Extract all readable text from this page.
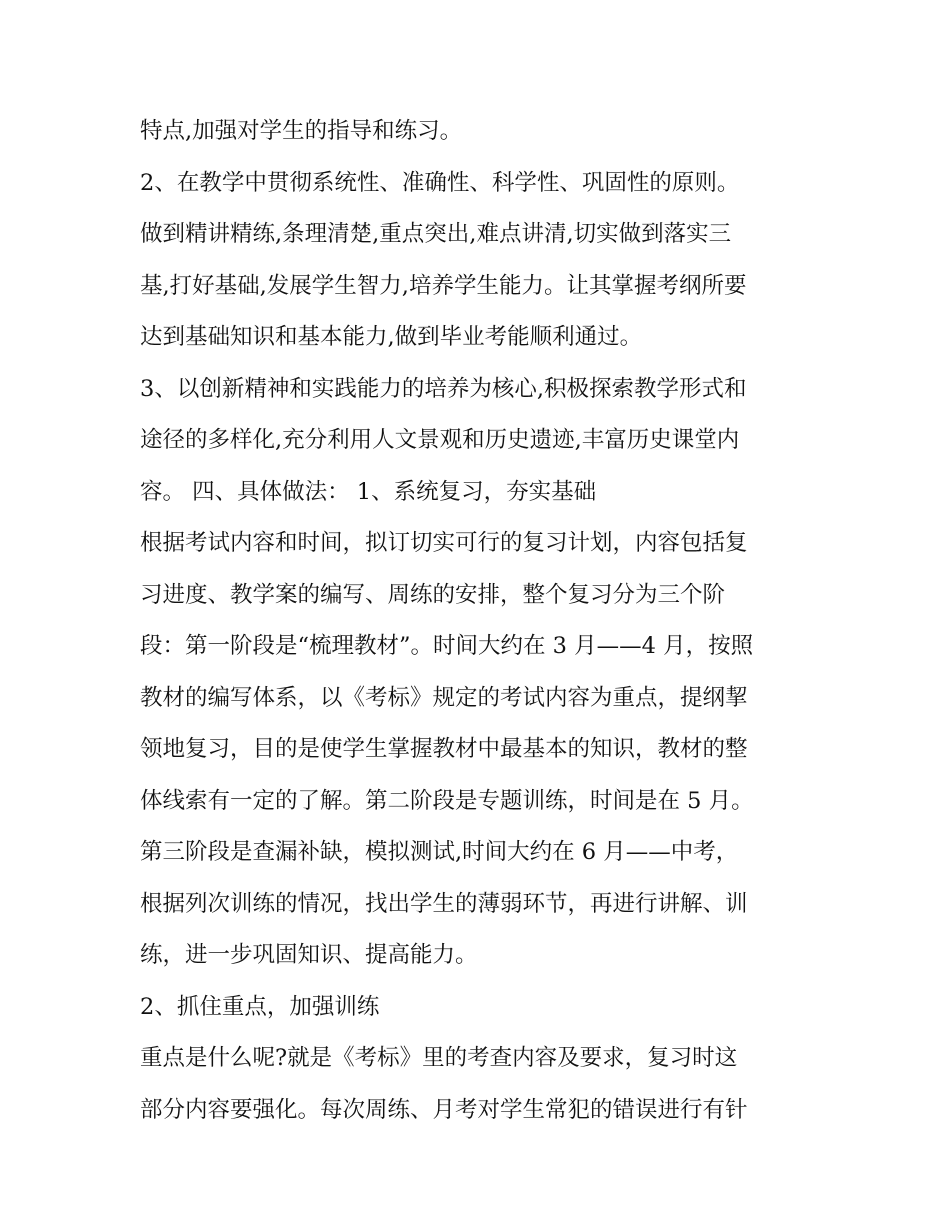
特点,加强对学生的指导和练习。
2、在教学中贯彻系统性、准确性、科学性、巩固性的原则。
做到精讲精练,条理清楚,重点突出,难点讲清,切实做到落实三
基,打好基础,发展学生智力,培养学生能力。让其掌握考纲所要
达到基础知识和基本能力,做到毕业考能顺利通过。
3、以创新精神和实践能力的培养为核心,积极探索教学形式和
途径的多样化,充分利用人文景观和历史遗迹,丰富历史课堂内
容。 四、具体做法： 1、系统复习，夯实基础
根据考试内容和时间，拟订切实可行的复习计划，内容包括复
习进度、教学案的编写、周练的安排，整个复习分为三个阶
段：第一阶段是“梳理教材”。时间大约在 3 月——4 月，按照
教材的编写体系，以《考标》规定的考试内容为重点，提纲挈
领地复习，目的是使学生掌握教材中最基本的知识，教材的整
体线索有一定的了解。第二阶段是专题训练，时间是在 5 月。
第三阶段是查漏补缺，模拟测试,时间大约在 6 月——中考，
根据列次训练的情况，找出学生的薄弱环节，再进行讲解、训
练，进一步巩固知识、提高能力。
2、抓住重点，加强训练
重点是什么呢?就是《考标》里的考查内容及要求，复习时这
部分内容要强化。每次周练、月考对学生常犯的错误进行有针
